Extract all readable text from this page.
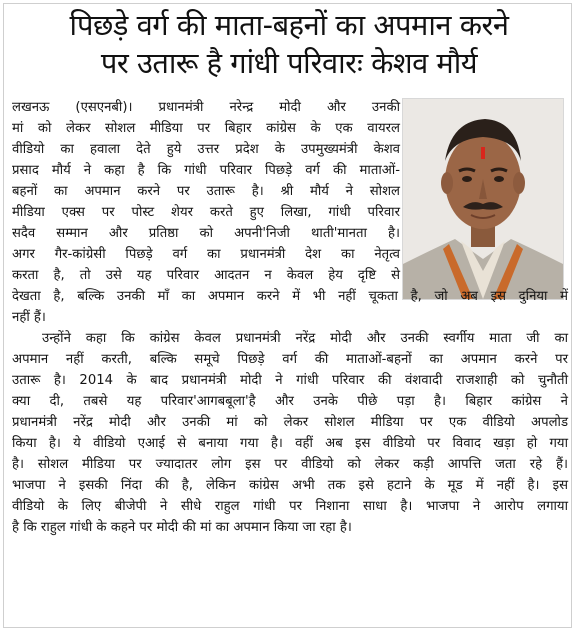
पिछड़े वर्ग की माता-बहनों का अपमान करने
पर उतारू है गांधी परिवारः केशव मौर्य
लखनऊ (एसएनबी)। प्रधानमंत्री नरेन्द्र मोदी और उनकी
मां को लेकर सोशल मीडिया पर बिहार कांग्रेस के एक वायरल
वीडियो का हवाला देते हुये उत्तर प्रदेश के उपमुख्यमंत्री केशव
प्रसाद मौर्य ने कहा है कि गांधी परिवार पिछड़े वर्ग की माताओं-
बहनों का अपमान करने पर उतारू है। श्री मौर्य ने सोशल
मीडिया एक्स पर पोस्ट शेयर करते हुए लिखा, गांधी परिवार
सदैव सम्मान और प्रतिष्ठा को अपनी'निजी थाती'मानता है।
अगर गैर-कांग्रेसी पिछड़े वर्ग का प्रधानमंत्री देश का नेतृत्व
करता है, तो उसे यह परिवार आदतन न केवल हेय दृष्टि से
देखता है, बल्कि उनकी माँ का अपमान करने में भी नहीं चूकता है, जो अब इस दुनिया में
नहीं हैं।
उन्होंने कहा कि कांग्रेस केवल प्रधानमंत्री नरेंद्र मोदी और उनकी स्वर्गीय माता जी का
अपमान नहीं करती, बल्कि समूचे पिछड़े वर्ग की माताओं-बहनों का अपमान करने पर
उतारू है। 2014 के बाद प्रधानमंत्री मोदी ने गांधी परिवार की वंशवादी राजशाही को चुनौती
क्या दी, तबसे यह परिवार'आगबबूला'है और उनके पीछे पड़ा है। बिहार कांग्रेस ने
प्रधानमंत्री नरेंद्र मोदी और उनकी मां को लेकर सोशल मीडिया पर एक वीडियो अपलोड
किया है। ये वीडियो एआई से बनाया गया है। वहीं अब इस वीडियो पर विवाद खड़ा हो गया
है। सोशल मीडिया पर ज्यादातर लोग इस पर वीडियो को लेकर कड़ी आपत्ति जता रहे हैं।
भाजपा ने इसकी निंदा की है, लेकिन कांग्रेस अभी तक इसे हटाने के मूड में नहीं है। इस
वीडियो के लिए बीजेपी ने सीधे राहुल गांधी पर निशाना साधा है। भाजपा ने आरोप लगाया
है कि राहुल गांधी के कहने पर मोदी की मां का अपमान किया जा रहा है।
